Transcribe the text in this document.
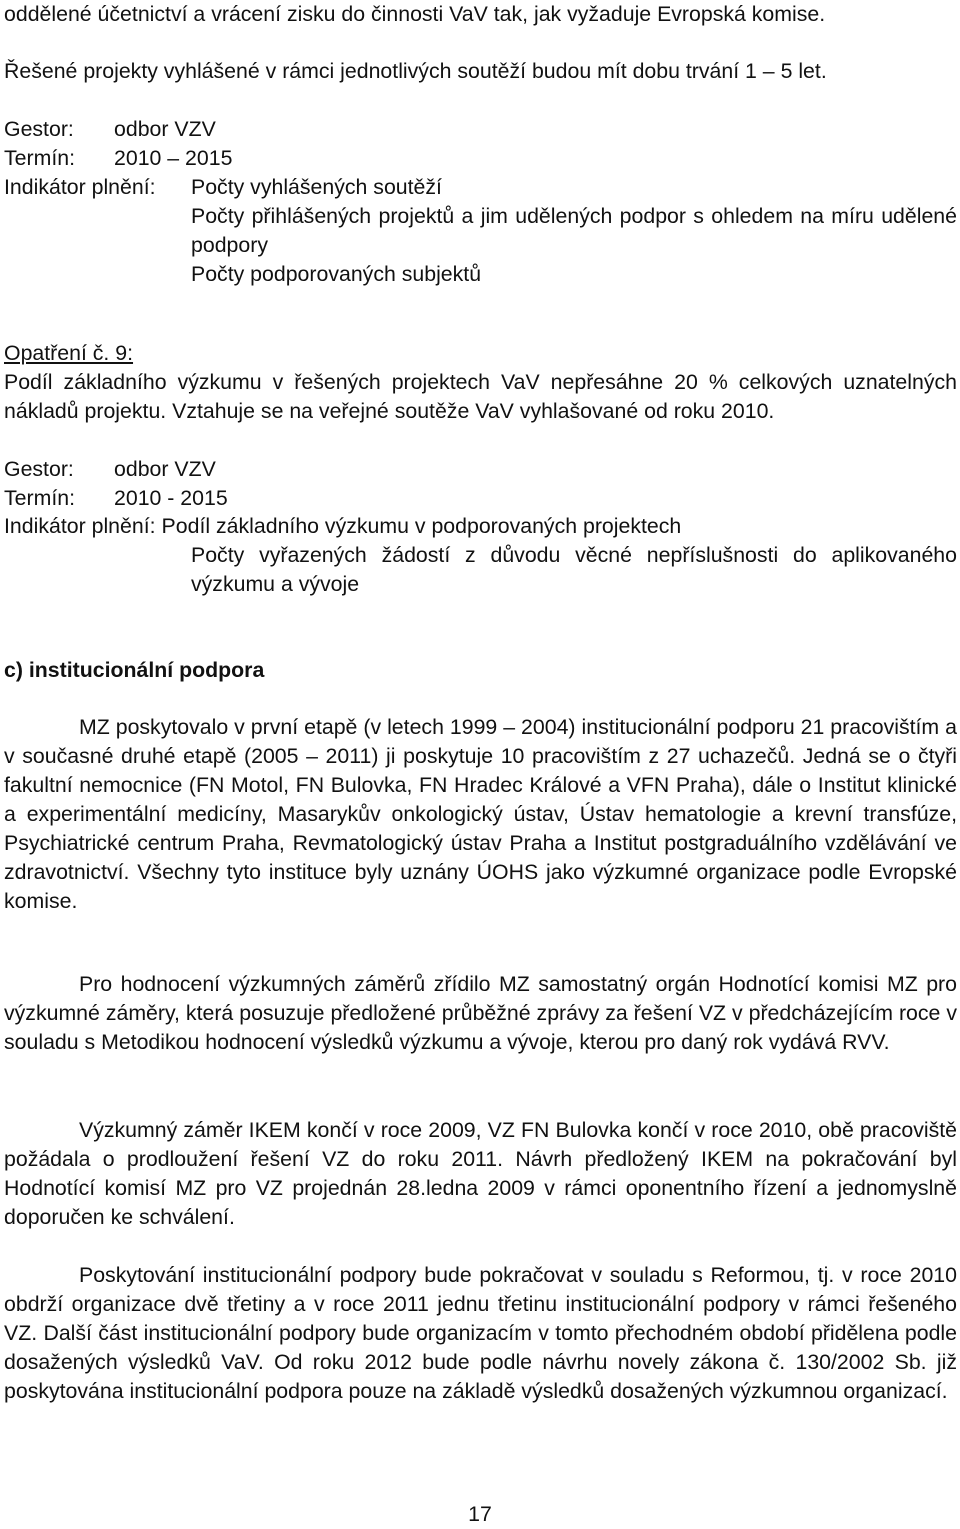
oddělené účetnictví a vrácení zisku do činnosti VaV tak, jak vyžaduje Evropská komise.

Řešené projekty vyhlášené v rámci jednotlivých soutěží budou mít dobu trvání 1 – 5 let.

Gestor:	odbor VZV
Termín:	2010 – 2015
Indikátor plnění:	Počty vyhlášených soutěží

Počty přihlášených projektů a jim udělených podpor s ohledem na míru udělené podpory

Počty podporovaných subjektů

Opatření č. 9:

Podíl základního výzkumu v řešených projektech VaV nepřesáhne 20 % celkových uznatelných nákladů projektu. Vztahuje se na veřejné soutěže VaV vyhlašované od roku 2010.

Gestor:	odbor VZV
Termín:	2010 - 2015
Indikátor plnění: Podíl základního výzkumu v podporovaných projektech

Počty vyřazených žádostí z důvodu věcné nepříslušnosti do aplikovaného výzkumu a vývoje

c) institucionální podpora

MZ poskytovalo v první etapě (v letech 1999 – 2004) institucionální podporu 21 pracovištím a v současné druhé etapě (2005 – 2011) ji poskytuje 10 pracovištím z 27 uchazečů. Jedná se o čtyři fakultní nemocnice (FN Motol, FN Bulovka, FN Hradec Králové a VFN Praha), dále o Institut klinické a experimentální medicíny, Masarykův onkologický ústav, Ústav hematologie a krevní transfúze, Psychiatrické centrum Praha, Revmatologický ústav Praha a Institut postgraduálního vzdělávání ve zdravotnictví. Všechny tyto instituce byly uznány ÚOHS jako výzkumné organizace podle Evropské komise.

Pro hodnocení výzkumných záměrů zřídilo MZ samostatný orgán Hodnotící komisi MZ pro výzkumné záměry, která posuzuje předložené průběžné zprávy za řešení VZ v předcházejícím roce v souladu s Metodikou hodnocení výsledků výzkumu a vývoje, kterou pro daný rok vydává RVV.

Výzkumný záměr IKEM končí v roce 2009, VZ FN Bulovka končí v roce 2010, obě pracoviště požádala o prodloužení řešení VZ do roku 2011. Návrh předložený IKEM na pokračování byl Hodnotící komisí MZ pro VZ projednán 28.ledna 2009 v rámci oponentního řízení a jednomyslně doporučen ke schválení.

Poskytování institucionální podpory bude pokračovat v souladu s Reformou, tj. v roce 2010 obdrží organizace dvě třetiny a v roce 2011 jednu třetinu institucionální podpory v rámci řešeného VZ. Další část institucionální podpory bude organizacím v tomto přechodném období přidělena podle dosažených výsledků VaV. Od roku 2012 bude podle návrhu novely zákona č. 130/2002 Sb. již poskytována institucionální podpora pouze na základě výsledků dosažených výzkumnou organizací.

17
